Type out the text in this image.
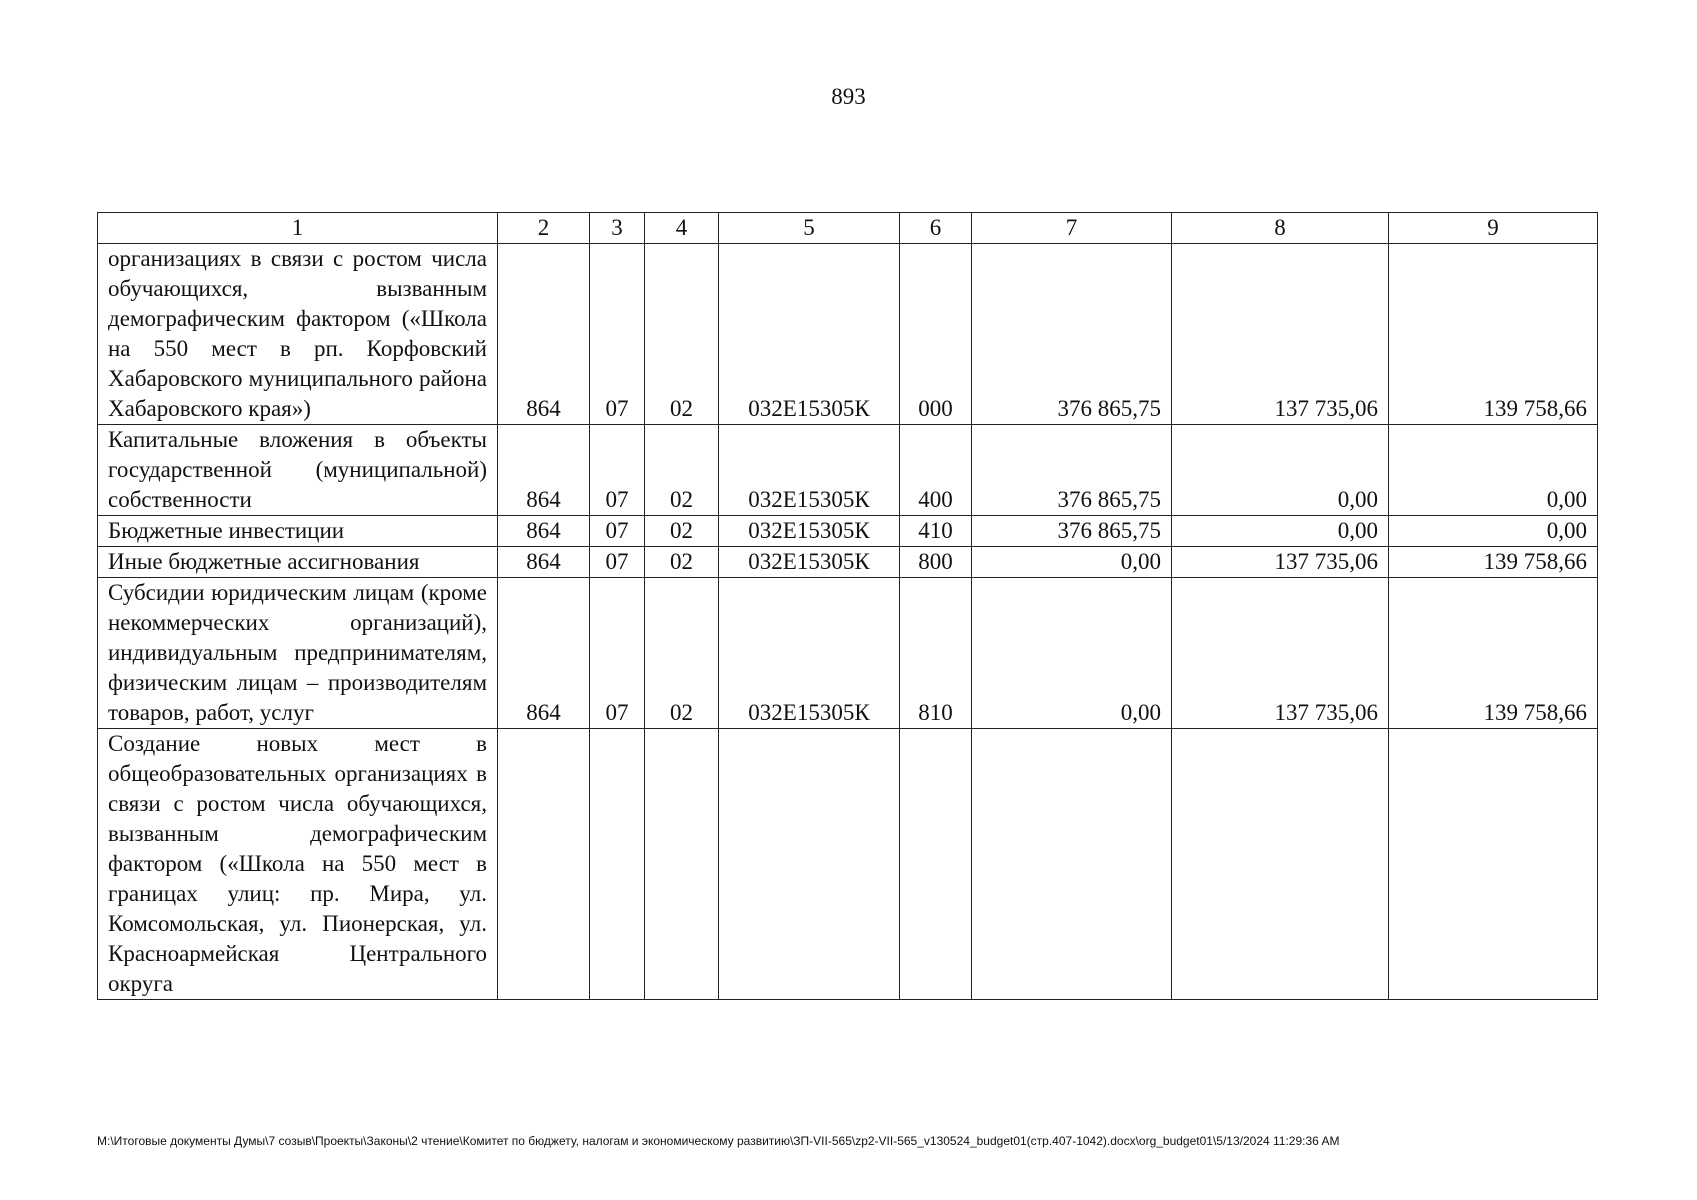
893
1	2	3	4	5	6	7	8	9
организациях в связи с ростом числа обучающихся, вызванным демографическим фактором («Школа на 550 мест в рп. Корфовский Хабаровского муниципального района Хабаровского края»)	864	07	02	032E15305К	000	376 865,75	137 735,06	139 758,66
Капитальные вложения в объекты государственной (муниципальной) собственности	864	07	02	032E15305К	400	376 865,75	0,00	0,00
Бюджетные инвестиции	864	07	02	032E15305К	410	376 865,75	0,00	0,00
Иные бюджетные ассигнования	864	07	02	032E15305К	800	0,00	137 735,06	139 758,66
Субсидии юридическим лицам (кроме некоммерческих организаций), индивидуальным предпринимателям, физическим лицам – производителям товаров, работ, услуг	864	07	02	032E15305К	810	0,00	137 735,06	139 758,66
Создание новых мест в общеобразовательных организациях в связи с ростом числа обучающихся, вызванным демографическим фактором («Школа на 550 мест в границах улиц: пр. Мира, ул. Комсомольская, ул. Пионерская, ул. Красноармейская Центрального округа								
M:\Итоговые документы Думы\7 созыв\Проекты\Законы\2 чтение\Комитет по бюджету, налогам и экономическому развитию\ЗП-VII-565\zp2-VII-565_v130524_budget01(стр.407-1042).docx\org_budget01\5/13/2024 11:29:36 AM
